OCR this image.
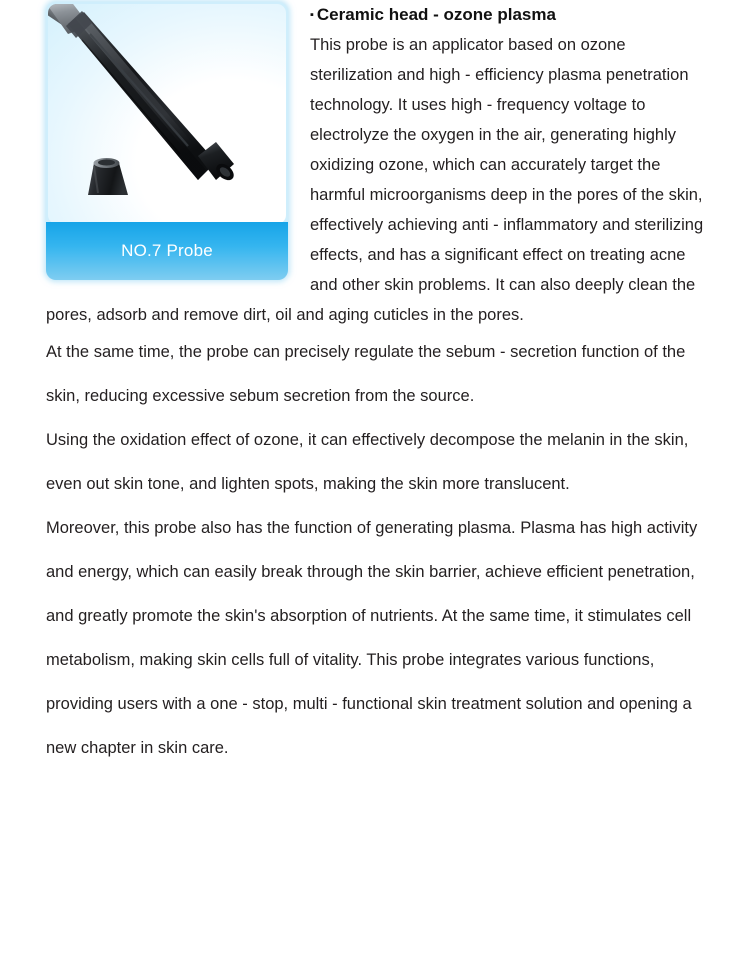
NO.7 Probe
▪ Ceramic head - ozone plasma

This probe is an applicator based on ozone sterilization and high - efficiency plasma penetration technology. It uses high - frequency voltage to electrolyze the oxygen in the air, generating highly oxidizing ozone, which can accurately target the harmful microorganisms deep in the pores of the skin, effectively achieving anti - inflammatory and sterilizing effects, and has a significant effect on treating acne and other skin problems. It can also deeply clean the pores, adsorb and remove dirt, oil and aging cuticles in the pores.

At the same time, the probe can precisely regulate the sebum - secretion function of the skin, reducing excessive sebum secretion from the source.

Using the oxidation effect of ozone, it can effectively decompose the melanin in the skin, even out skin tone, and lighten spots, making the skin more translucent.

Moreover, this probe also has the function of generating plasma. Plasma has high activity and energy, which can easily break through the skin barrier, achieve efficient penetration, and greatly promote the skin's absorption of nutrients. At the same time, it stimulates cell metabolism, making skin cells full of vitality. This probe integrates various functions, providing users with a one - stop, multi - functional skin treatment solution and opening a new chapter in skin care.
